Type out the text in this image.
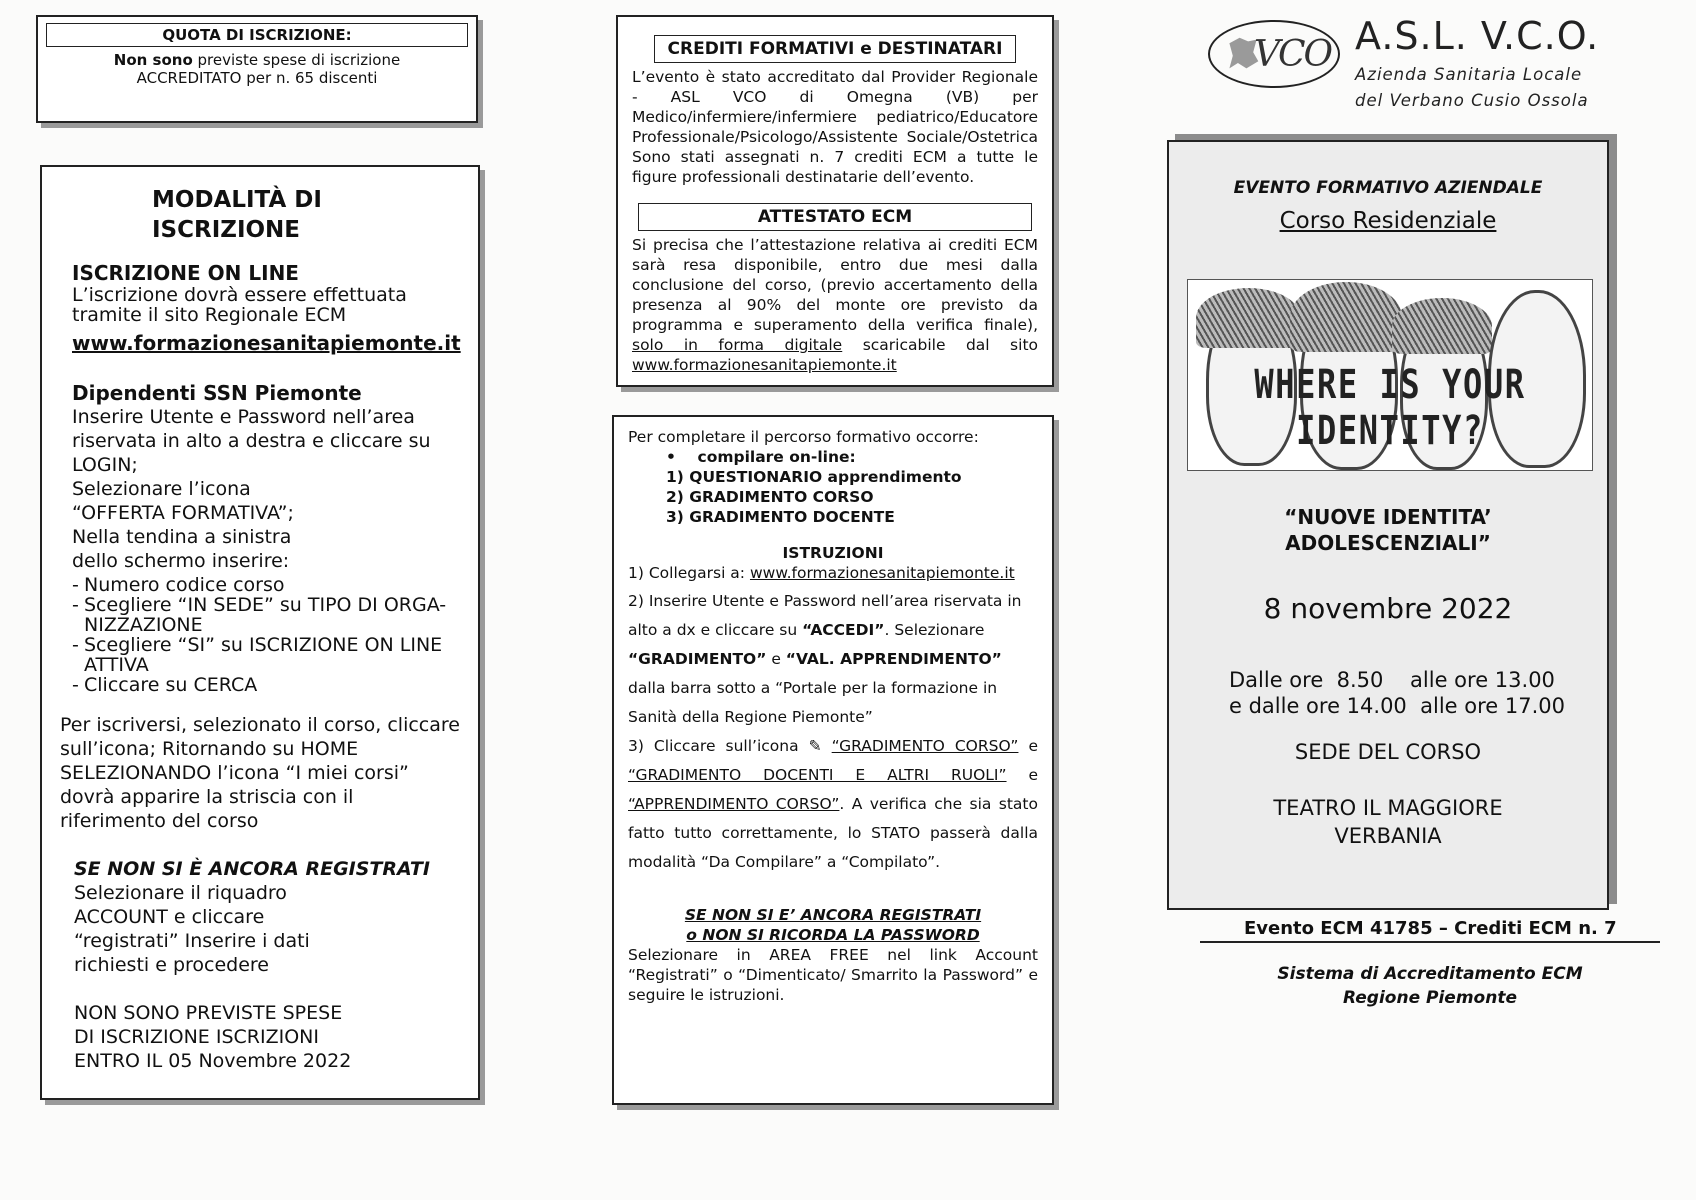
QUOTA DI ISCRIZIONE:
Non sono previste spese di iscrizione
ACCREDITATO per n. 65 discenti
MODALITÀ DI
ISCRIZIONE
ISCRIZIONE ON LINE
L’iscrizione dovrà essere effettuata tramite il sito Regionale ECM
www.formazionesanitapiemonte.it
Dipendenti SSN Piemonte
Inserire Utente e Password nell’area riservata in alto a destra e cliccare su LOGIN;
Selezionare l’icona
“OFFERTA FORMATIVA”;
Nella tendina a sinistra
dello schermo inserire:
- Numero codice corso
- Scegliere “IN SEDE” su TIPO DI ORGA-NIZZAZIONE
- Scegliere “SI” su ISCRIZIONE ON LINE ATTIVA
- Cliccare su CERCA
Per iscriversi, selezionato il corso, cliccare sull’icona; Ritornando su HOME SELEZIONANDO l’icona “I miei corsi” dovrà apparire la striscia con il riferimento del corso
SE NON SI È ANCORA REGISTRATI
Selezionare il riquadro
ACCOUNT e cliccare
“registrati” Inserire i dati
richiesti e procedere
NON SONO PREVISTE SPESE
DI ISCRIZIONE ISCRIZIONI
ENTRO IL 05 Novembre 2022
CREDITI FORMATIVI e DESTINATARI
L’evento è stato accreditato dal Provider Regionale - ASL VCO di Omegna (VB) per Medico/infermiere/infermiere pediatrico/Educatore Professionale/Psicologo/Assistente Sociale/Ostetrica Sono stati assegnati n. 7 crediti ECM a tutte le figure professionali destinatarie dell’evento.
ATTESTATO ECM
Si precisa che l’attestazione relativa ai crediti ECM sarà resa disponibile, entro due mesi dalla conclusione del corso, (previo accertamento della presenza al 90% del monte ore previsto da programma e superamento della verifica finale), solo in forma digitale scaricabile dal sito www.formazionesanitapiemonte.it
Per completare il percorso formativo occorre:
•    compilare on-line:
1) QUESTIONARIO apprendimento
2) GRADIMENTO CORSO
3) GRADIMENTO DOCENTE
ISTRUZIONI
1) Collegarsi a: www.formazionesanitapiemonte.it
2) Inserire Utente e Password nell’area riservata in alto a dx e cliccare su “ACCEDI”. Selezionare “GRADIMENTO” e “VAL. APPRENDIMENTO” dalla barra sotto a “Portale per la formazione in Sanità della Regione Piemonte”
3) Cliccare sull’icona ✎ “GRADIMENTO CORSO” e “GRADIMENTO DOCENTI E ALTRI RUOLI” e “APPRENDIMENTO CORSO”. A verifica che sia stato fatto tutto correttamente, lo STATO passerà dalla modalità “Da Compilare” a “Compilato”.
SE NON SI E’ ANCORA REGISTRATI
o NON SI RICORDA LA PASSWORD
Selezionare in AREA FREE nel link Account “Registrati” o “Dimenticato/ Smarrito la Password” e seguire le istruzioni.
VCO A.S.L. V.C.O.
Azienda Sanitaria Locale
del Verbano Cusio Ossola
EVENTO FORMATIVO AZIENDALE
Corso Residenziale
WHERE IS YOUR IDENTITY?
“NUOVE IDENTITA’
ADOLESCENZIALI”
8 novembre 2022
Dalle ore  8.50    alle ore 13.00
e dalle ore 14.00  alle ore 17.00
SEDE DEL CORSO
TEATRO IL MAGGIORE
VERBANIA
Evento ECM 41785 – Crediti ECM n. 7
Sistema di Accreditamento ECM
Regione Piemonte
